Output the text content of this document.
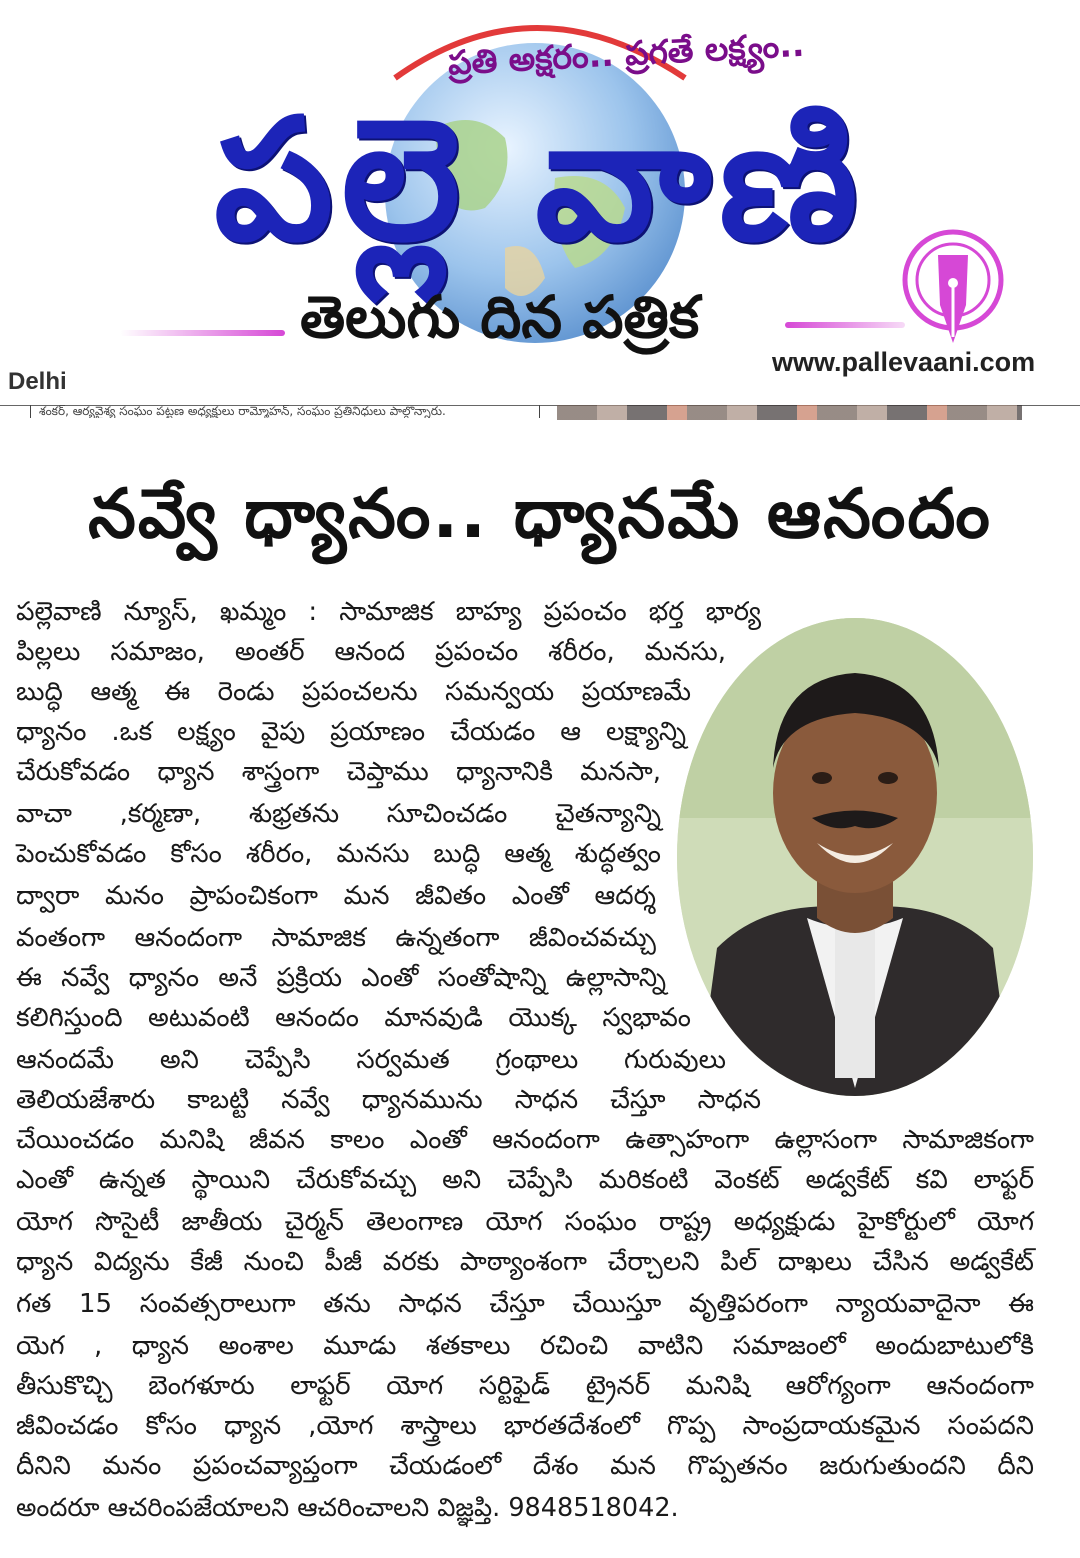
ప్రతి అక్షరం.. ప్రగతే లక్ష్యం..
పల్లె వాణి
తెలుగు దిన పత్రిక
www.pallevaani.com
Delhi
శంకర్, ఆర్యవైశ్య సంఘం పట్టణ అధ్యక్షులు రామ్మోహన్, సంఘం ప్రతినిధులు పాల్గొన్నారు.
నవ్వే ధ్యానం.. ధ్యానమే ఆనందం
పల్లెవాణి న్యూస్, ఖమ్మం : సామాజిక బాహ్య ప్రపంచం భర్త భార్య
పిల్లలు సమాజం, అంతర్ ఆనంద ప్రపంచం శరీరం, మనసు,
బుద్ధి ఆత్మ ఈ రెండు ప్రపంచలను సమన్వయ ప్రయాణమే
ధ్యానం .ఒక లక్ష్యం వైపు ప్రయాణం చేయడం ఆ లక్ష్యాన్ని
చేరుకోవడం ధ్యాన శాస్త్రంగా చెప్తాము ధ్యానానికి మనసా,
వాచా ,కర్మణా, శుభ్రతను సూచించడం చైతన్యాన్ని
పెంచుకోవడం కోసం శరీరం, మనసు బుద్ధి ఆత్మ శుద్ధత్వం
ద్వారా మనం ప్రాపంచికంగా మన జీవితం ఎంతో ఆదర్శ
వంతంగా ఆనందంగా సామాజిక ఉన్నతంగా జీవించవచ్చు
ఈ నవ్వే ధ్యానం అనే ప్రక్రియ ఎంతో సంతోషాన్ని ఉల్లాసాన్ని
కలిగిస్తుంది అటువంటి ఆనందం మానవుడి యొక్క స్వభావం
ఆనందమే అని చెప్పేసి సర్వమత గ్రంథాలు గురువులు
తెలియజేశారు కాబట్టి నవ్వే ధ్యానమును సాధన చేస్తూ సాధన
చేయించడం మనిషి జీవన కాలం ఎంతో ఆనందంగా ఉత్సాహంగా ఉల్లాసంగా సామాజికంగా
ఎంతో ఉన్నత స్థాయిని చేరుకోవచ్చు అని చెప్పేసి మరికంటి వెంకట్ అడ్వకేట్ కవి లాఫ్టర్
యోగ సొసైటీ జాతీయ చైర్మన్ తెలంగాణ యోగ సంఘం రాష్ట్ర అధ్యక్షుడు హైకోర్టులో యోగ
ధ్యాన విద్యను కేజీ నుంచి పీజీ వరకు పాఠ్యాంశంగా చేర్చాలని పిల్ దాఖలు చేసిన అడ్వకేట్
గత 15 సంవత్సరాలుగా తను సాధన చేస్తూ చేయిస్తూ వృత్తిపరంగా న్యాయవాదైనా ఈ
యెగ , ధ్యాన అంశాల మూడు శతకాలు రచించి వాటిని సమాజంలో అందుబాటులోకి
తీసుకొచ్చి బెంగళూరు లాఫ్టర్ యోగ సర్టిఫైడ్ ట్రైనర్ మనిషి ఆరోగ్యంగా ఆనందంగా
జీవించడం కోసం ధ్యాన ,యోగ శాస్త్రాలు భారతదేశంలో గొప్ప సాంప్రదాయకమైన సంపదని
దీనిని మనం ప్రపంచవ్యాప్తంగా చేయడంలో దేశం మన గొప్పతనం జరుగుతుందని దీని
అందరూ ఆచరింపజేయాలని ఆచరించాలని విజ్ఞప్తి. 9848518042.
